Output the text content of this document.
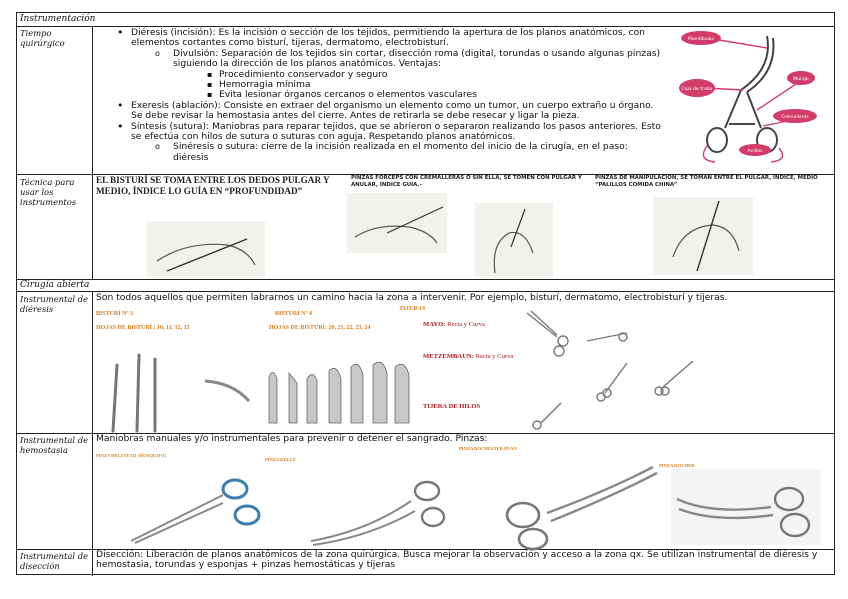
Instrumentación
Cirugía abierta
Tiempo quirúrgico
• Diéresis (incisión): Es la incisión o sección de los tejidos, permitiendo la apertura de los planos anatómicos, con elementos cortantes como bisturí, tijeras, dermatomo, electrobisturí.
o Divulsión: Separación de los tejidos sin cortar, disección roma (digital, torundas o usando algunas pinzas) siguiendo la dirección de los planos anatómicos. Ventajas:
▪ Procedimiento conservador y seguro
▪ Hemorragia mínima
▪ Evita lesionar órganos cercanos o elementos vasculares
• Exeresis (ablación): Consiste en extraer del organismo un elemento como un tumor, un cuerpo extraño u órgano. Se debe revisar la hemostasia antes del cierre. Antes de retirarla se debe resecar y ligar la pieza.
• Síntesis (sutura): Maniobras para reparar tejidos, que se abrieron o separaron realizando los pasos anteriores. Esto se efectúa con hilos de sutura o suturas con aguja. Respetando planos anatómicos.
o Sinéresis o sutura: cierre de la incisión realizada en el momento del inicio de la cirugía, en el paso: diéresis
Mandíbulas
Caja de traba
Mango
Cremalleras
Anillos
Técnica para usar los instrumentos
EL BISTURÍ SE TOMA ENTRE LOS DEDOS PULGAR Y MEDIO, ÍNDICE LO GUÍA EN “PROFUNDIDAD”
PINZAS FORCEPS CON CREMALLERAS O SIN ELLA, SE TOMEN CON PULGAR Y ANULAR, ÍNDICE GUÍA.-
PINZAS DE MANIPULACIÓN, SE TOMAN ENTRE EL PULGAR, ÍNDICE, MEDIO “PALILLOS COMIDA CHINA”
Instrumental de diéresis
Son todos aquellos que permiten labrarnos un camino hacia la zona a intervenir. Por ejemplo, bisturí, dermatomo, electrobisturí y tijeras.
BISTURÍ Nº 3
HOJAS DE BISTURÍ : 10, 11, 12, 15
BISTURÍ Nº 4
HOJAS DE BISTURÍ: 20, 21, 22, 23, 24
TIJERAS
MAYO: Recta y Curva
METZEMBAUN: Recta y Curva
TIJERA DE HILOS
Instrumental de hemostasia
Maniobras manuales y/o instrumentales para prevenir o detener el sangrado. Pinzas:
PINZA HELSTEAD (MOSQUITO)
PINZA KELLY
PINZA ROCHESTER PEAN
PINZA KOCHER
Instrumental de disección
Disección: Liberación de planos anatómicos de la zona quirúrgica. Busca mejorar la observación y acceso a la zona qx. Se utilizan instrumental de diéresis y hemostasia, torundas y esponjas + pinzas hemostáticas y tijeras
